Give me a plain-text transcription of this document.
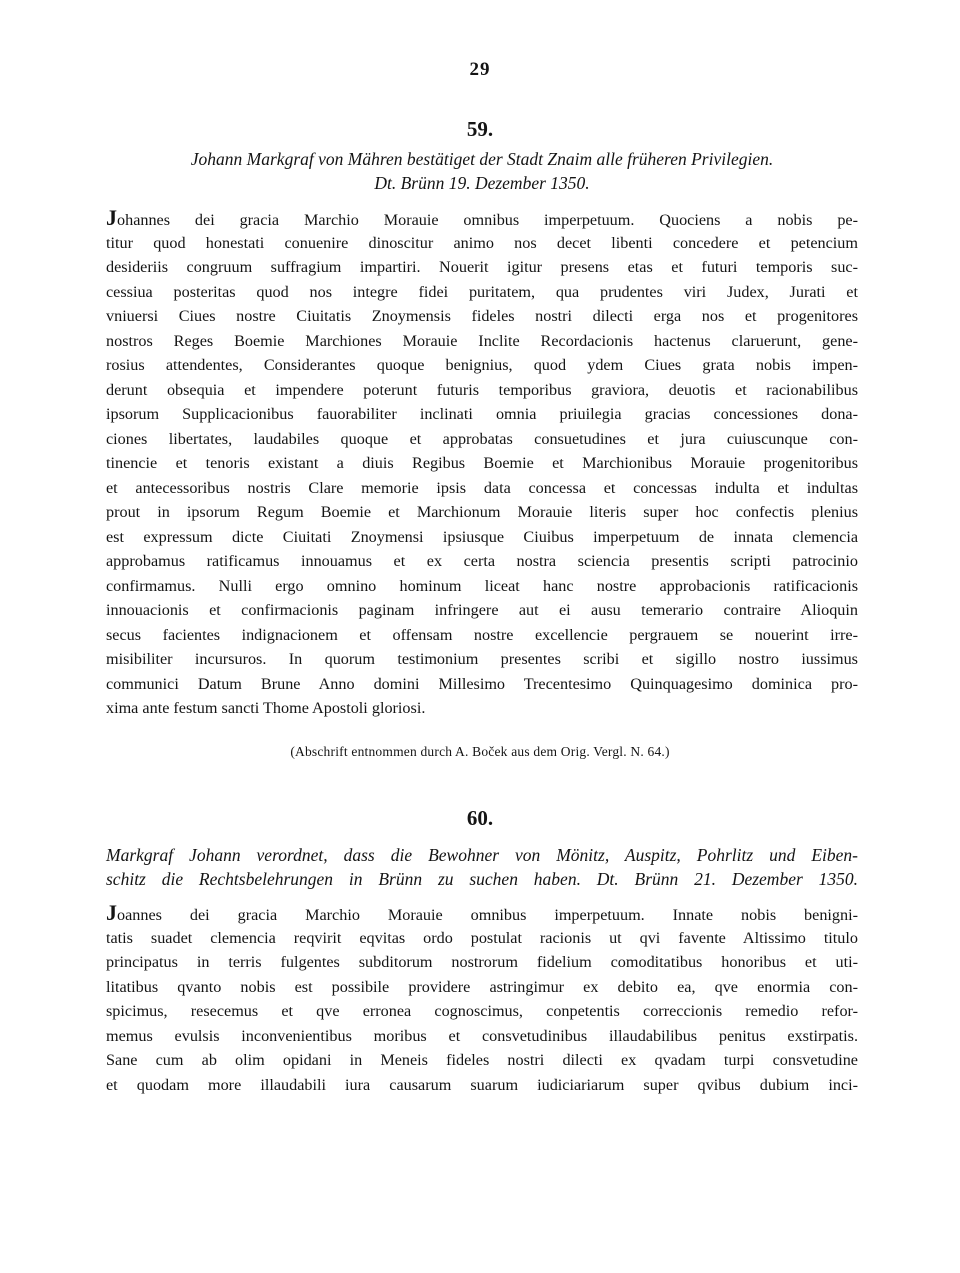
29
59.
Johann Markgraf von Mähren bestätiget der Stadt Znaim alle früheren Privilegien.
Dt. Brünn 19. Dezember 1350.
Johannes dei gracia Marchio Morauie omnibus imperpetuum. Quociens a nobis pe-
titur quod honestati conuenire dinoscitur animo nos decet libenti concedere et petencium
desideriis congruum suffragium impartiri. Nouerit igitur presens etas et futuri temporis suc-
cessiua posteritas quod nos integre fidei puritatem, qua prudentes viri Judex, Jurati et
vniuersi Ciues nostre Ciuitatis Znoymensis fideles nostri dilecti erga nos et progenitores
nostros Reges Boemie Marchiones Morauie Inclite Recordacionis hactenus claruerunt, gene-
rosius attendentes, Considerantes quoque benignius, quod ydem Ciues grata nobis impen-
derunt obsequia et impendere poterunt futuris temporibus graviora, deuotis et racionabilibus
ipsorum Supplicacionibus fauorabiliter inclinati omnia priuilegia gracias concessiones dona-
ciones libertates, laudabiles quoque et approbatas consuetudines et jura cuiuscunque con-
tinencie et tenoris existant a diuis Regibus Boemie et Marchionibus Morauie progenitoribus
et antecessoribus nostris Clare memorie ipsis data concessa et concessas indulta et indultas
prout in ipsorum Regum Boemie et Marchionum Morauie literis super hoc confectis plenius
est expressum dicte Ciuitati Znoymensi ipsiusque Ciuibus imperpetuum de innata clemencia
approbamus ratificamus innouamus et ex certa nostra sciencia presentis scripti patrocinio
confirmamus. Nulli ergo omnino hominum liceat hanc nostre approbacionis ratificacionis
innouacionis et confirmacionis paginam infringere aut ei ausu temerario contraire Alioquin
secus facientes indignacionem et offensam nostre excellencie pergrauem se nouerint irre-
misibiliter incursuros. In quorum testimonium presentes scribi et sigillo nostro iussimus
communici Datum Brune Anno domini Millesimo Trecentesimo Quinquagesimo dominica pro-
xima ante festum sancti Thome Apostoli gloriosi.
(Abschrift entnommen durch A. Boček aus dem Orig. Vergl. N. 64.)
60.
Markgraf Johann verordnet, dass die Bewohner von Mönitz, Auspitz, Pohrlitz und Eiben-
schitz die Rechtsbelehrungen in Brünn zu suchen haben. Dt. Brünn 21. Dezember 1350.
Joannes dei gracia Marchio Morauie omnibus imperpetuum. Innate nobis benigni-
tatis suadet clemencia reqvirit eqvitas ordo postulat racionis ut qvi favente Altissimo titulo
principatus in terris fulgentes subditorum nostrorum fidelium comoditatibus honoribus et uti-
litatibus qvanto nobis est possibile providere astringimur ex debito ea, qve enormia con-
spicimus, resecemus et qve erronea cognoscimus, conpetentis correccionis remedio refor-
memus evulsis inconvenientibus moribus et consvetudinibus illaudabilibus penitus exstirpatis.
Sane cum ab olim opidani in Meneis fideles nostri dilecti ex qvadam turpi consvetudine
et quodam more illaudabili iura causarum suarum iudiciariarum super qvibus dubium inci-
